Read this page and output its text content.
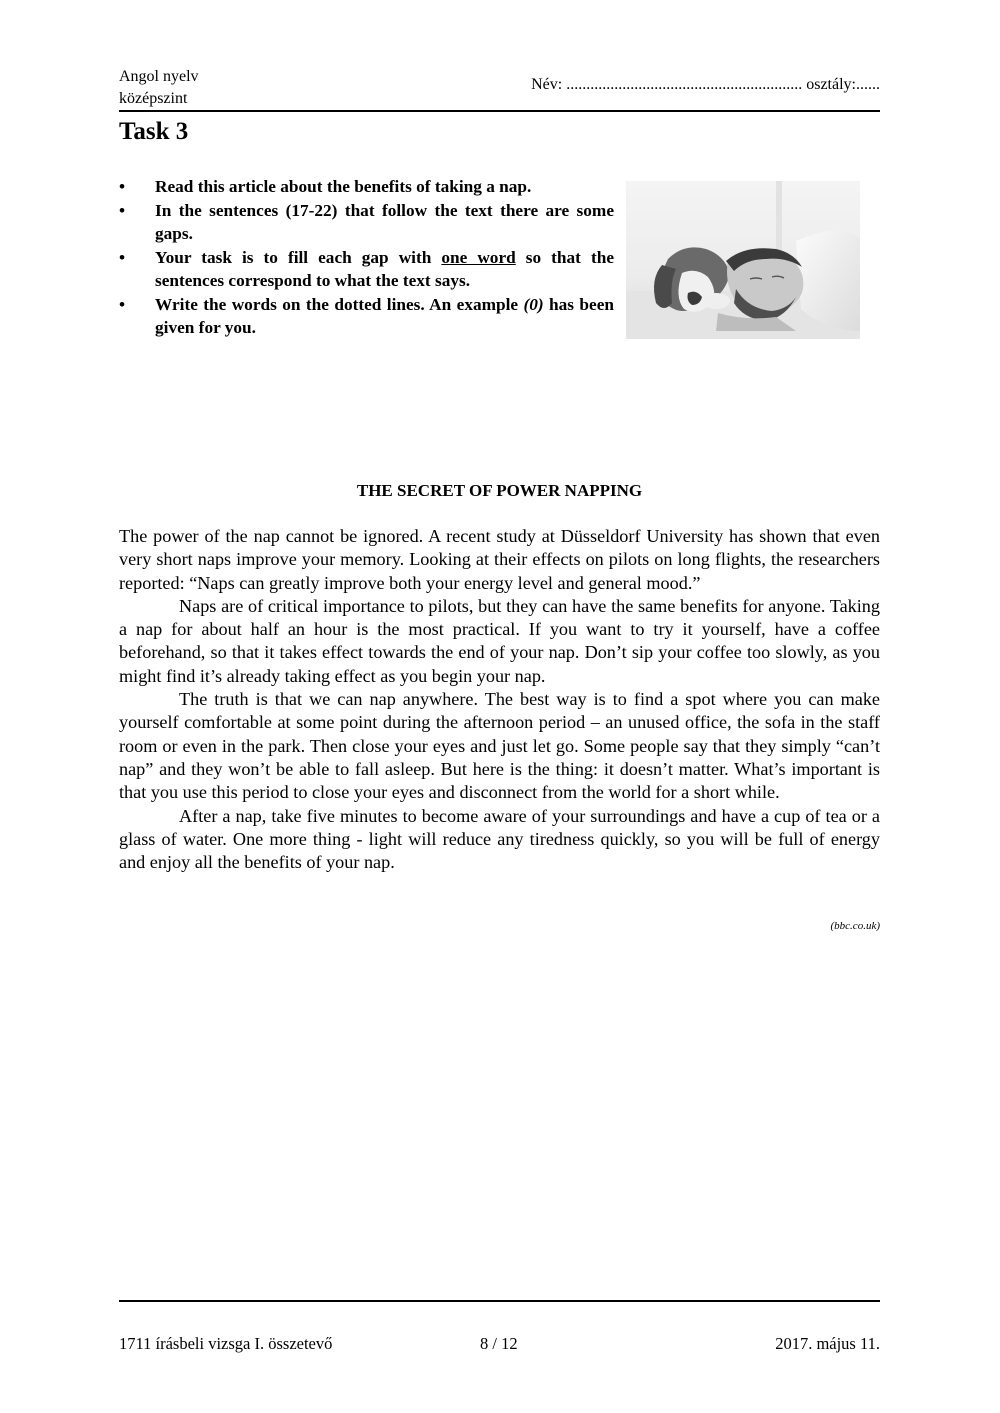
Angol nyelv
középszint
Név: ........................................................... osztály:......
Task 3
• Read this article about the benefits of taking a nap.
• In the sentences (17-22) that follow the text there are some gaps.
• Your task is to fill each gap with one word so that the sentences correspond to what the text says.
• Write the words on the dotted lines. An example (0) has been given for you.
THE SECRET OF POWER NAPPING

The power of the nap cannot be ignored. A recent study at Düsseldorf University has shown that even very short naps improve your memory. Looking at their effects on pilots on long flights, the researchers reported: “Naps can greatly improve both your energy level and general mood.”

Naps are of critical importance to pilots, but they can have the same benefits for anyone. Taking a nap for about half an hour is the most practical. If you want to try it yourself, have a coffee beforehand, so that it takes effect towards the end of your nap. Don’t sip your coffee too slowly, as you might find it’s already taking effect as you begin your nap.

The truth is that we can nap anywhere. The best way is to find a spot where you can make yourself comfortable at some point during the afternoon period – an unused office, the sofa in the staff room or even in the park. Then close your eyes and just let go. Some people say that they simply “can’t nap” and they won’t be able to fall asleep. But here is the thing: it doesn’t matter. What’s important is that you use this period to close your eyes and disconnect from the world for a short while.

After a nap, take five minutes to become aware of your surroundings and have a cup of tea or a glass of water. One more thing - light will reduce any tiredness quickly, so you will be full of energy and enjoy all the benefits of your nap.

(bbc.co.uk)
1711 írásbeli vizsga I. összetevő	8 / 12	2017. május 11.
